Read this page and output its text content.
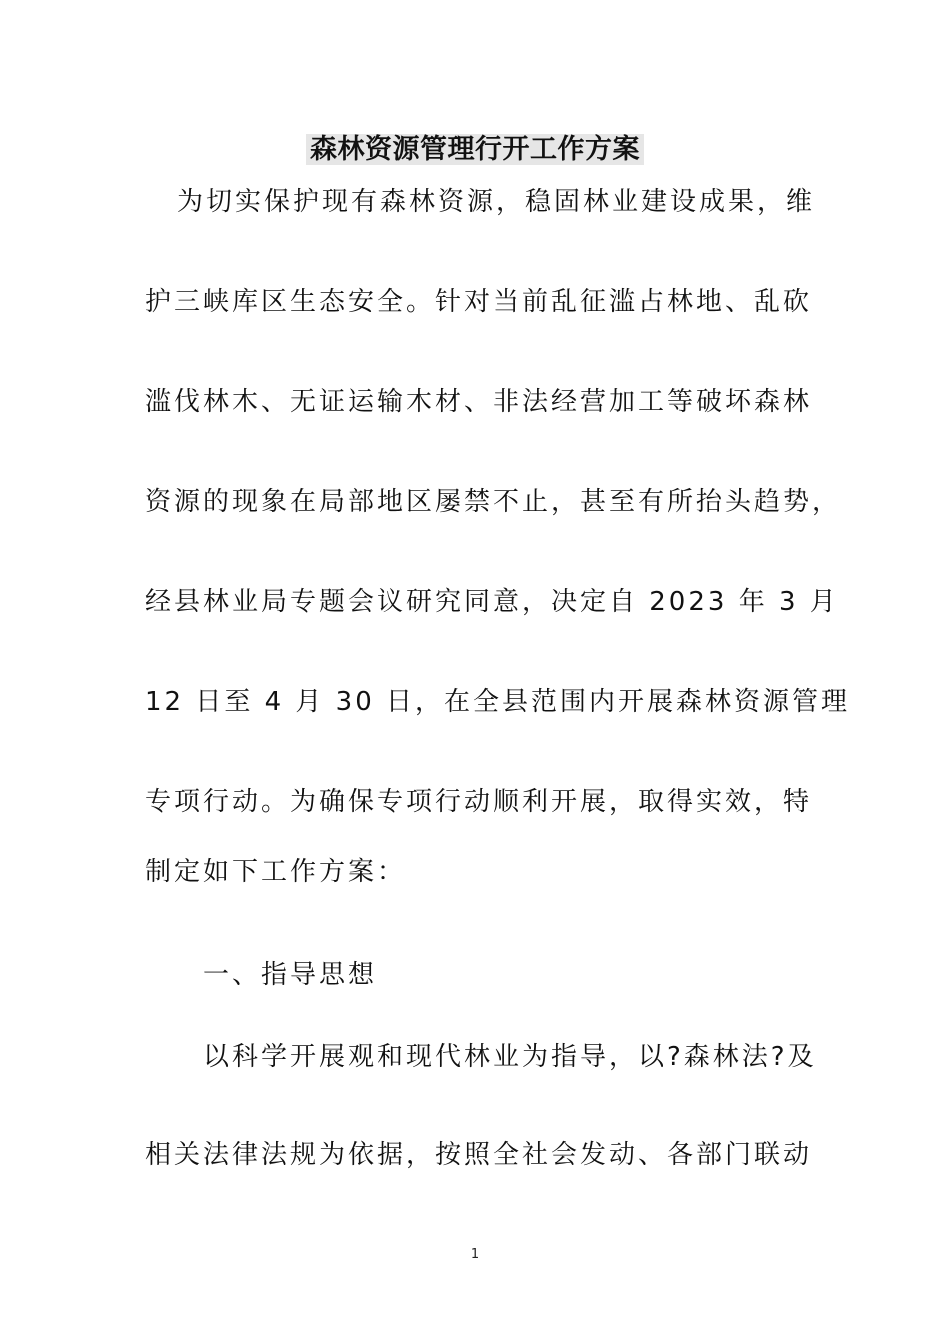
森林资源管理行开工作方案
为切实保护现有森林资源，稳固林业建设成果，维
护三峡库区生态安全。针对当前乱征滥占林地、乱砍
滥伐林木、无证运输木材、非法经营加工等破坏森林
资源的现象在局部地区屡禁不止，甚至有所抬头趋势，
经县林业局专题会议研究同意，决定自 2023 年 3 月
12 日至 4 月 30 日，在全县范围内开展森林资源管理
专项行动。为确保专项行动顺利开展，取得实效，特
制定如下工作方案：
一、指导思想
以科学开展观和现代林业为指导，以?森林法?及
相关法律法规为依据，按照全社会发动、各部门联动
1
